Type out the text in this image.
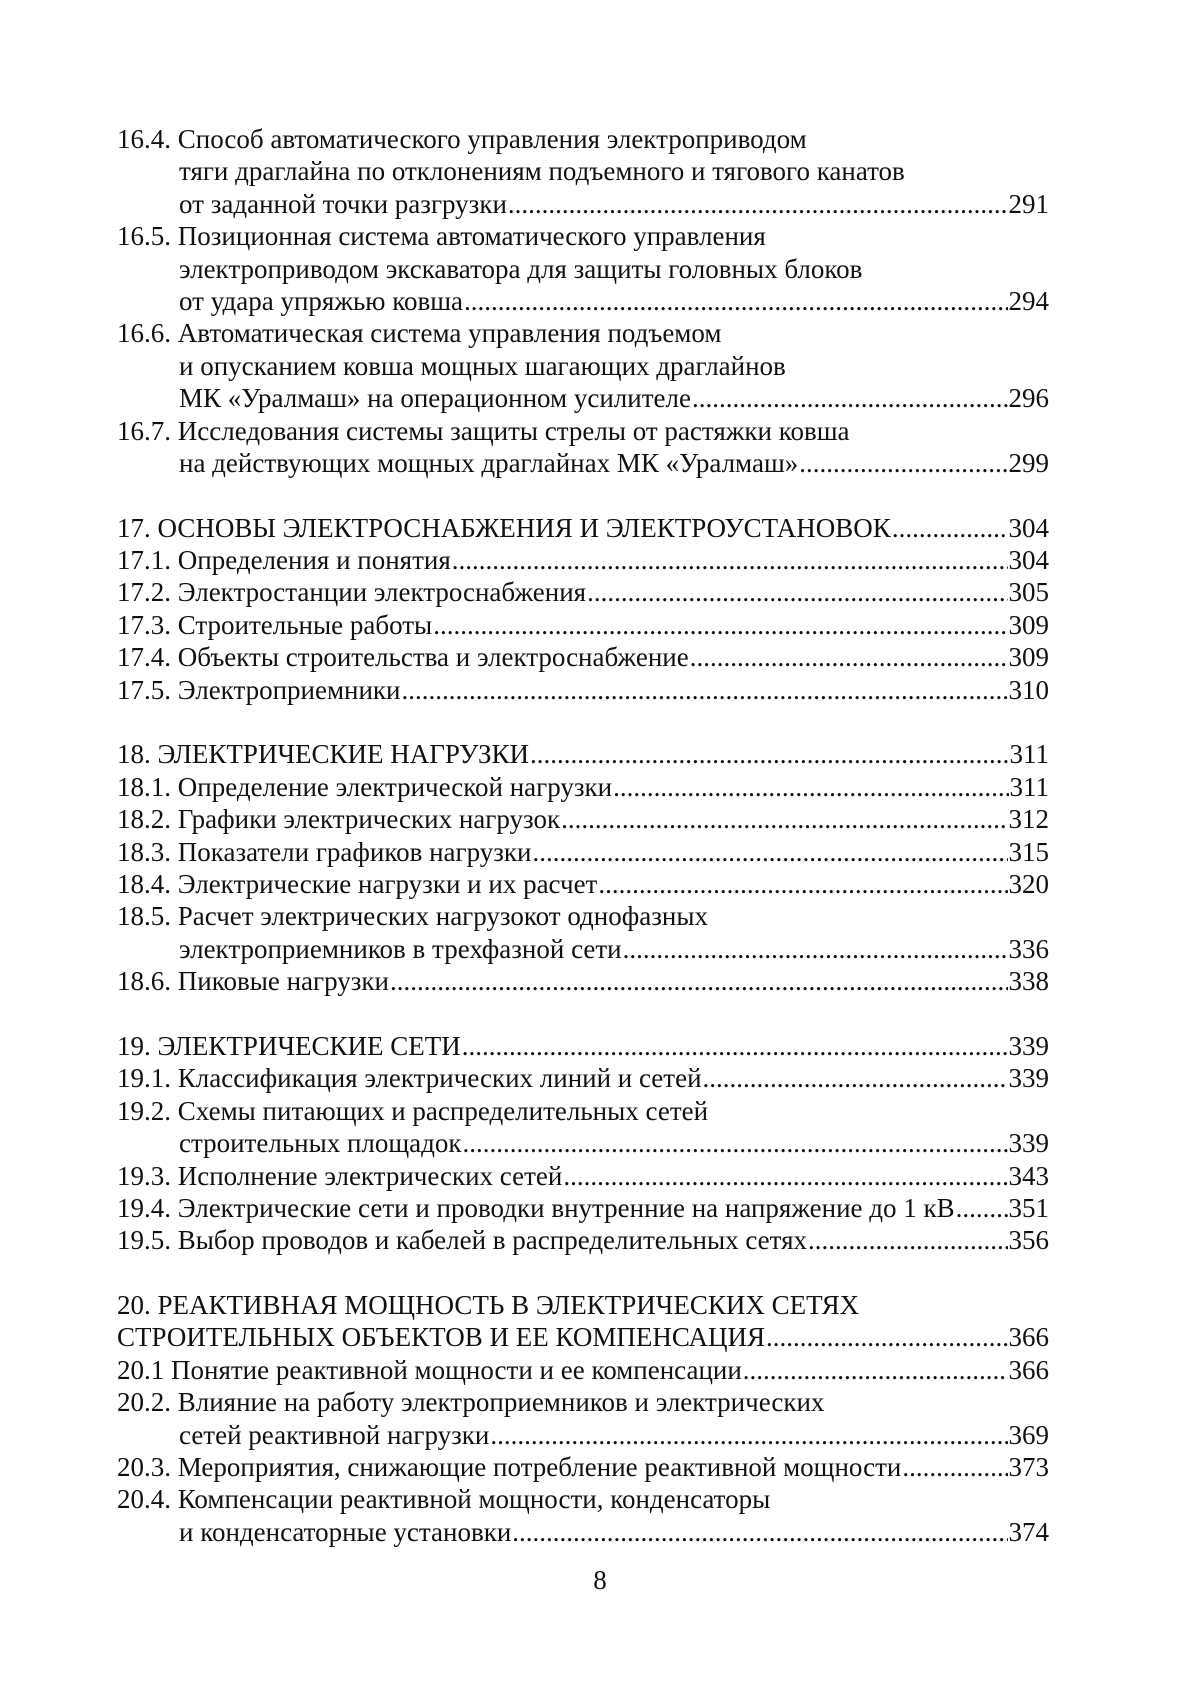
16.4. Способ автоматического управления электроприводом
тяги драглайна по отклонениям подъемного и тягового канатов
от заданной точки разгрузки .....	291
16.5. Позиционная система автоматического управления
электроприводом экскаватора для защиты головных блоков
от удара упряжью ковша .....	294
16.6. Автоматическая система управления подъемом
и опусканием ковша мощных шагающих драглайнов
МК «Уралмаш» на операционном усилителе .....	296
16.7. Исследования системы защиты стрелы от растяжки ковша
на действующих мощных драглайнах МК «Уралмаш» .....	299
17. ОСНОВЫ ЭЛЕКТРОСНАБЖЕНИЯ И ЭЛЕКТРОУСТАНОВОК .....	304
17.1. Определения и понятия .....	304
17.2. Электростанции электроснабжения .....	305
17.3. Строительные работы .....	309
17.4. Объекты строительства и электроснабжение .....	309
17.5. Электроприемники .....	310
18. ЭЛЕКТРИЧЕСКИЕ НАГРУЗКИ .....	311
18.1. Определение электрической нагрузки .....	311
18.2. Графики электрических нагрузок .....	312
18.3. Показатели графиков нагрузки .....	315
18.4. Электрические нагрузки и их расчет .....	320
18.5. Расчет электрических нагрузокот однофазных
электроприемников в трехфазной сети .....	336
18.6. Пиковые нагрузки .....	338
19. ЭЛЕКТРИЧЕСКИЕ СЕТИ .....	339
19.1. Классификация электрических линий и сетей .....	339
19.2. Схемы питающих и распределительных сетей
строительных площадок .....	339
19.3. Исполнение электрических сетей .....	343
19.4. Электрические сети и проводки внутренние на напряжение до 1 кВ ..... 351
19.5. Выбор проводов и кабелей в распределительных сетях .....	356
20. РЕАКТИВНАЯ МОЩНОСТЬ В ЭЛЕКТРИЧЕСКИХ СЕТЯХ
СТРОИТЕЛЬНЫХ ОБЪЕКТОВ И ЕЕ КОМПЕНСАЦИЯ .....	366
20.1 Понятие реактивной мощности и ее компенсации .....	366
20.2. Влияние на работу электроприемников и электрических
сетей реактивной нагрузки .....	369
20.3. Мероприятия, снижающие потребление реактивной мощности .....	373
20.4. Компенсации реактивной мощности, конденсаторы
и конденсаторные установки .....	374
8
